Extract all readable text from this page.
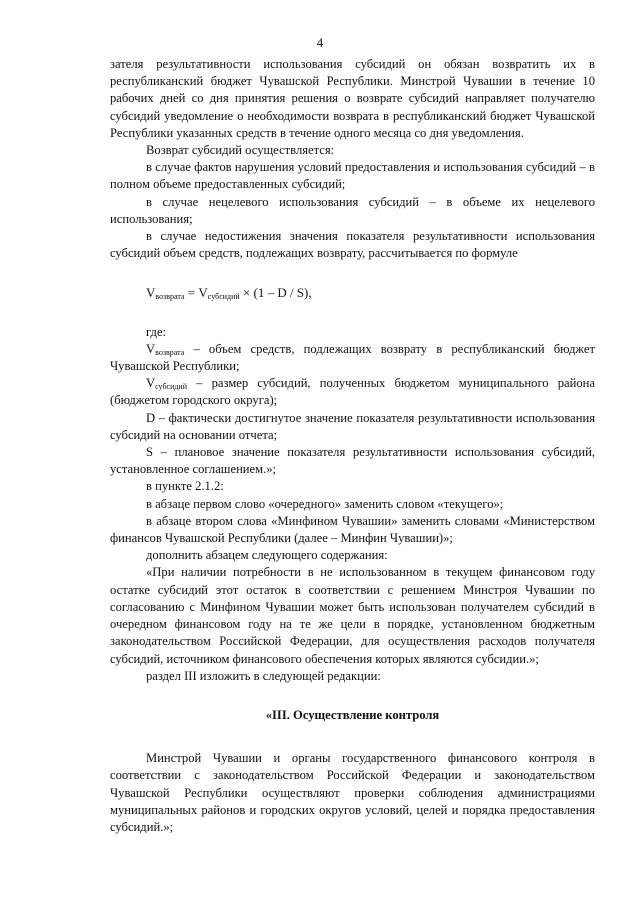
4

зателя результативности использования субсидий он обязан возвратить их в республиканский бюджет Чувашской Республики. Минстрой Чувашии в течение 10 рабочих дней со дня принятия решения о возврате субсидий направляет получателю субсидий уведомление о необходимости возврата в республиканский бюджет Чувашской Республики указанных средств в течение одного месяца со дня уведомления.

Возврат субсидий осуществляется:

в случае фактов нарушения условий предоставления и использования субсидий – в полном объеме предоставленных субсидий;

в случае нецелевого использования субсидий – в объеме их нецелевого использования;

в случае недостижения значения показателя результативности использования субсидий объем средств, подлежащих возврату, рассчитывается по формуле

$V_{возврата} = V_{субсидий} \times (1 - D / S)$,

где:

$V_{возврата}$ – объем средств, подлежащих возврату в республиканский бюджет Чувашской Республики;

$V_{субсидий}$ – размер субсидий, полученных бюджетом муниципального района (бюджетом городского округа);

D – фактически достигнутое значение показателя результативности использования субсидий на основании отчета;

S – плановое значение показателя результативности использования субсидий, установленное соглашением.»;

в пункте 2.1.2:

в абзаце первом слово «очередного» заменить словом «текущего»;

в абзаце втором слова «Минфином Чувашии» заменить словами «Министерством финансов Чувашской Республики (далее – Минфин Чувашии)»;

дополнить абзацем следующего содержания:

«При наличии потребности в не использованном в текущем финансовом году остатке субсидий этот остаток в соответствии с решением Минстроя Чувашии по согласованию с Минфином Чувашии может быть использован получателем субсидий в очередном финансовом году на те же цели в порядке, установленном бюджетным законодательством Российской Федерации, для осуществления расходов получателя субсидий, источником финансового обеспечения которых являются субсидии.»;

раздел III изложить в следующей редакции:

«III. Осуществление контроля

Минстрой Чувашии и органы государственного финансового контроля в соответствии с законодательством Российской Федерации и законодательством Чувашской Республики осуществляют проверки соблюдения администрациями муниципальных районов и городских округов условий, целей и порядка предоставления субсидий.»;
